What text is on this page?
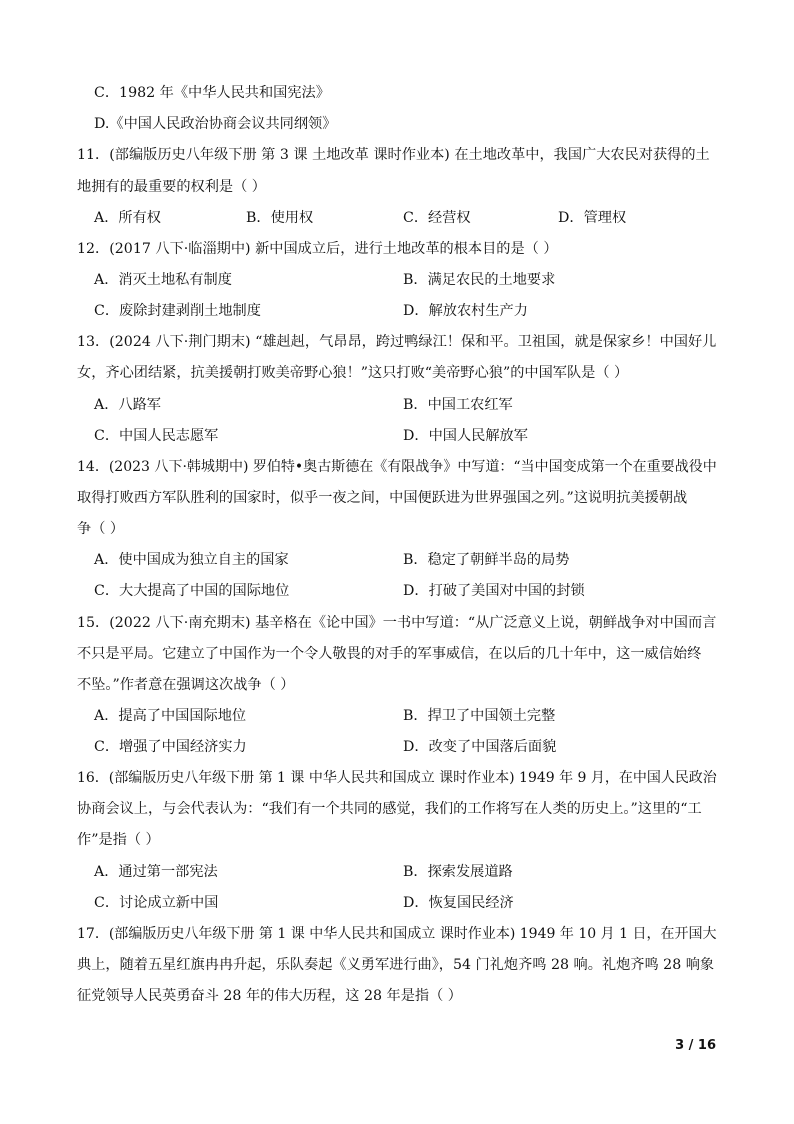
C．1982 年《中华人民共和国宪法》
D.《中国人民政治协商会议共同纲领》
11．(部编版历史八年级下册 第 3 课 土地改革 课时作业本) 在土地改革中，我国广大农民对获得的土
地拥有的最重要的权利是（ ）
A．所有权	B．使用权	C．经营权	D．管理权
12．(2017 八下·临淄期中) 新中国成立后，进行土地改革的根本目的是（ ）
A．消灭土地私有制度	B．满足农民的土地要求
C．废除封建剥削土地制度	D．解放农村生产力
13．(2024 八下·荆门期末) “雄赳赳，气昂昂，跨过鸭绿江！保和平。卫祖国，就是保家乡！中国好儿
女，齐心团结紧，抗美援朝打败美帝野心狼！”这只打败“美帝野心狼”的中国军队是（ ）
A．八路军	B．中国工农红军
C．中国人民志愿军	D．中国人民解放军
14．(2023 八下·韩城期中) 罗伯特•奥古斯德在《有限战争》中写道：“当中国变成第一个在重要战役中
取得打败西方军队胜利的国家时，似乎一夜之间，中国便跃进为世界强国之列。”这说明抗美援朝战
争（ ）
A．使中国成为独立自主的国家	B．稳定了朝鲜半岛的局势
C．大大提高了中国的国际地位	D．打破了美国对中国的封锁
15．(2022 八下·南充期末) 基辛格在《论中国》一书中写道：“从广泛意义上说，朝鲜战争对中国而言
不只是平局。它建立了中国作为一个令人敬畏的对手的军事威信，在以后的几十年中，这一威信始终
不坠。”作者意在强调这次战争（ ）
A．提高了中国国际地位	B．捍卫了中国领土完整
C．增强了中国经济实力	D．改变了中国落后面貌
16．(部编版历史八年级下册 第 1 课 中华人民共和国成立 课时作业本) 1949 年 9 月，在中国人民政治
协商会议上，与会代表认为：“我们有一个共同的感觉，我们的工作将写在人类的历史上。”这里的“工
作”是指（ ）
A．通过第一部宪法	B．探索发展道路
C．讨论成立新中国	D．恢复国民经济
17．(部编版历史八年级下册 第 1 课 中华人民共和国成立 课时作业本) 1949 年 10 月 1 日，在开国大
典上，随着五星红旗冉冉升起，乐队奏起《义勇军进行曲》，54 门礼炮齐鸣 28 响。礼炮齐鸣 28 响象
征党领导人民英勇奋斗 28 年的伟大历程，这 28 年是指（ ）
3 / 16
